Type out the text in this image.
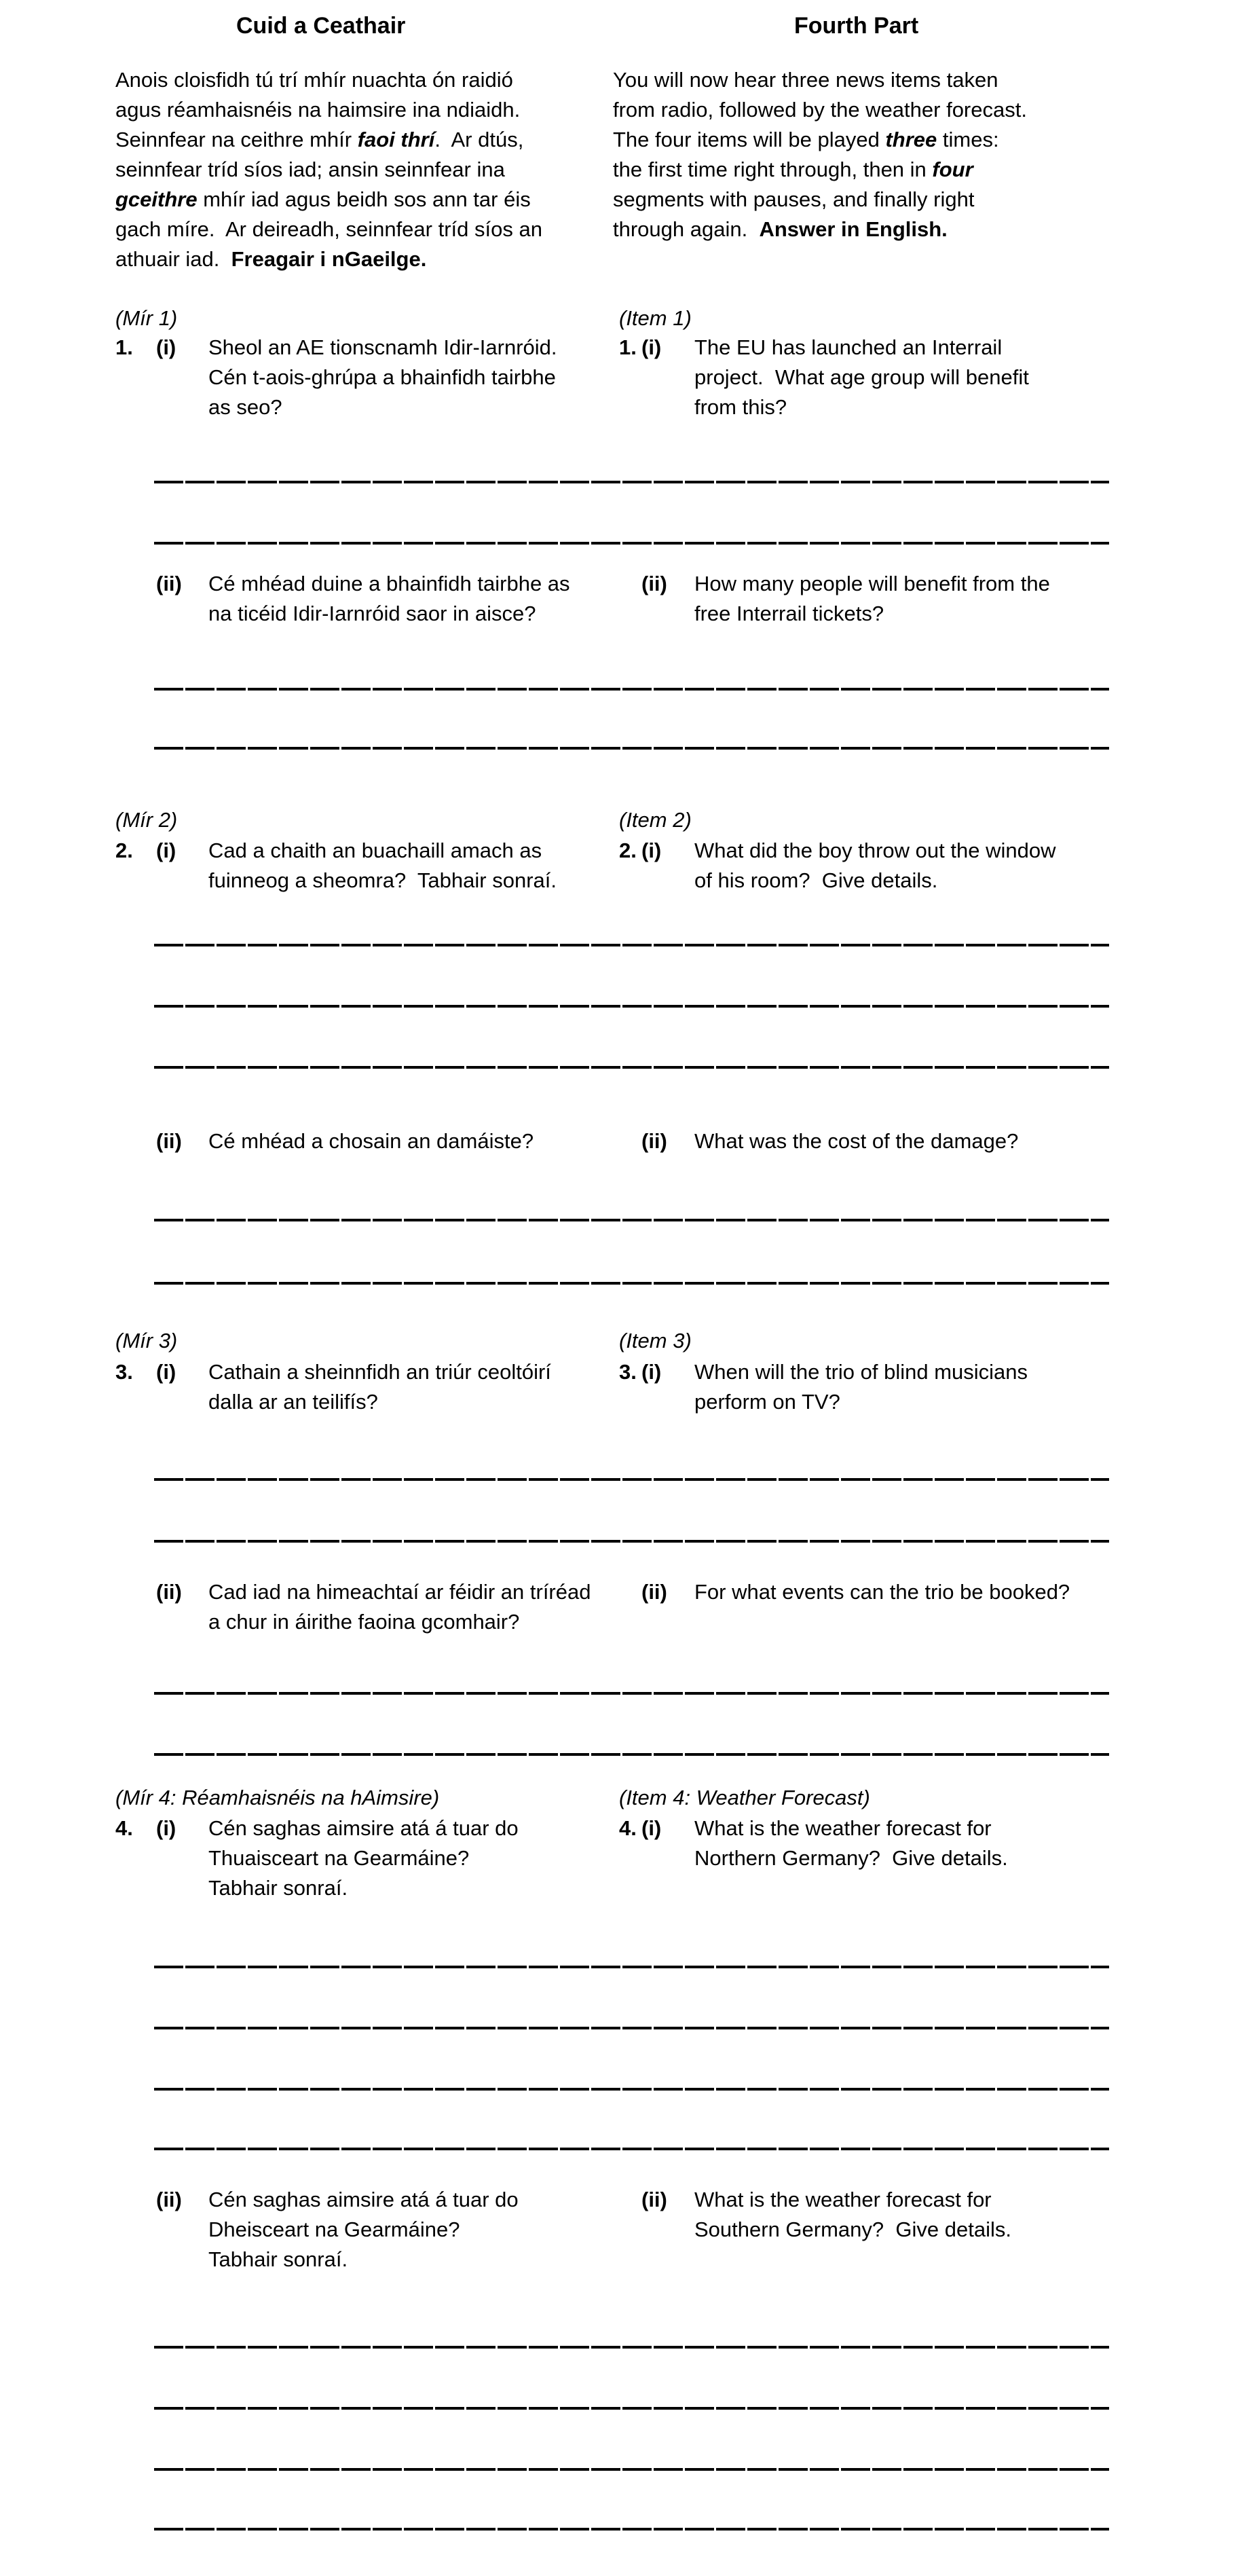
Cuid a Ceathair	Fourth Part
Anois cloisfidh tú trí mhír nuachta ón raidió
agus réamhaisnéis na haimsire ina ndiaidh.
Seinnfear na ceithre mhír faoi thrí.  Ar dtús,
seinnfear tríd síos iad; ansin seinnfear ina
gceithre mhír iad agus beidh sos ann tar éis
gach míre.  Ar deireadh, seinnfear tríd síos an
athuair iad.  Freagair i nGaeilge.
You will now hear three news items taken
from radio, followed by the weather forecast.
The four items will be played three times:
the first time right through, then in four
segments with pauses, and finally right
through again.  Answer in English.
(Mír 1)	(Item 1)
1. (i) Sheol an AE tionscnamh Idir-Iarnróid.
Cén t-aois-ghrúpa a bhainfidh tairbhe
as seo?
1. (i) The EU has launched an Interrail
project.  What age group will benefit
from this?
(ii) Cé mhéad duine a bhainfidh tairbhe as
na ticéid Idir-Iarnróid saor in aisce?
(ii) How many people will benefit from the
free Interrail tickets?
(Mír 2)	(Item 2)
2. (i) Cad a chaith an buachaill amach as
fuinneog a sheomra?  Tabhair sonraí.
2. (i) What did the boy throw out the window
of his room?  Give details.
(ii) Cé mhéad a chosain an damáiste?	(ii) What was the cost of the damage?
(Mír 3)	(Item 3)
3. (i) Cathain a sheinnfidh an triúr ceoltóirí
dalla ar an teilifís?
3. (i) When will the trio of blind musicians
perform on TV?
(ii) Cad iad na himeachtaí ar féidir an tríréad
a chur in áirithe faoina gcomhair?
(ii) For what events can the trio be booked?
(Mír 4: Réamhaisnéis na hAimsire)	(Item 4: Weather Forecast)
4. (i) Cén saghas aimsire atá á tuar do
Thuaisceart na Gearmáine?
Tabhair sonraí.
4. (i) What is the weather forecast for
Northern Germany?  Give details.
(ii) Cén saghas aimsire atá á tuar do
Dheisceart na Gearmáine?
Tabhair sonraí.
(ii) What is the weather forecast for
Southern Germany?  Give details.
